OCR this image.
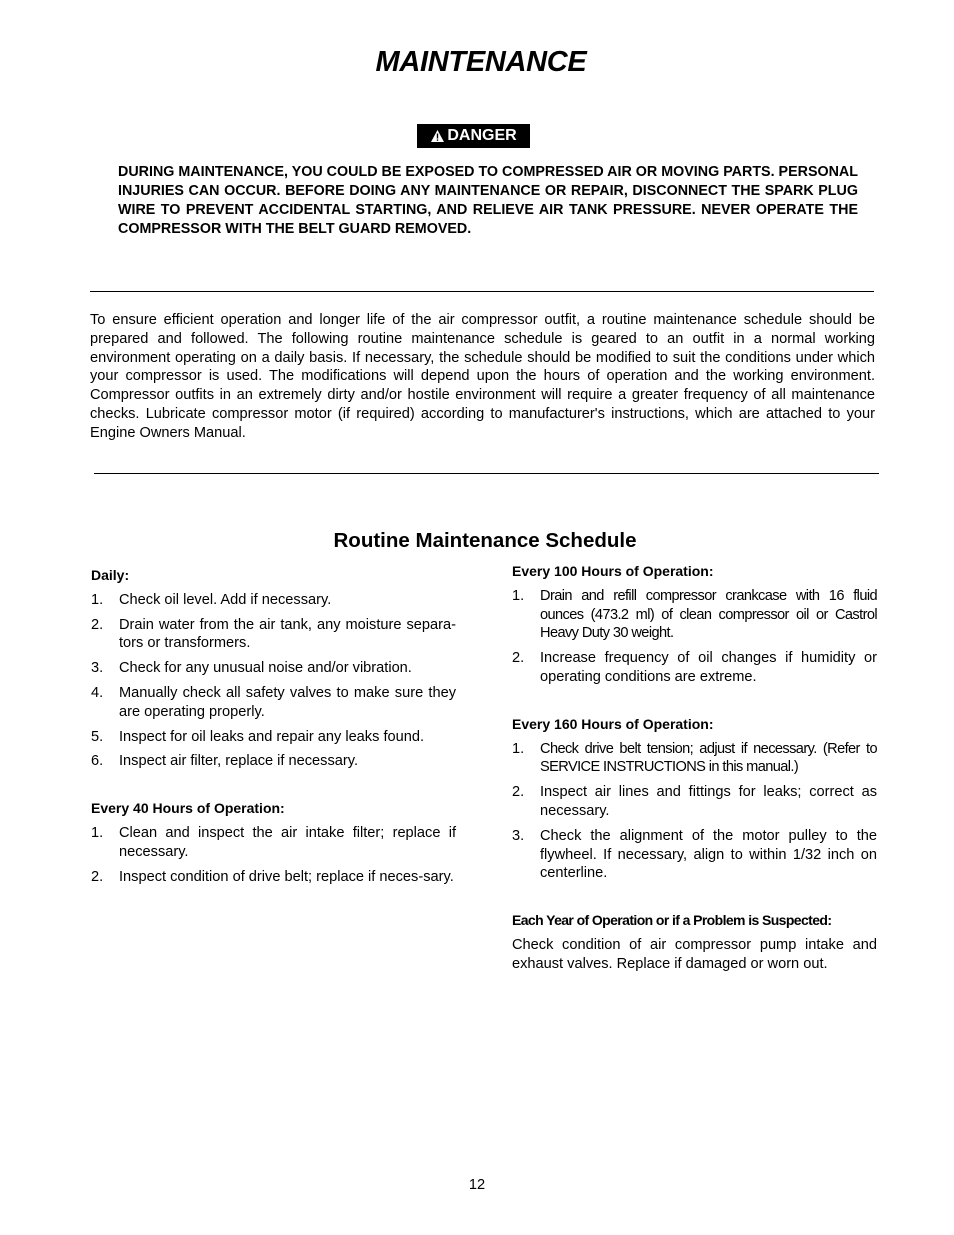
MAINTENANCE
DANGER
DURING MAINTENANCE, YOU COULD BE EXPOSED TO COMPRESSED AIR OR MOVING PARTS. PERSONAL INJURIES CAN OCCUR. BEFORE DOING ANY MAINTENANCE OR REPAIR, DISCONNECT THE SPARK PLUG WIRE TO PREVENT ACCIDENTAL STARTING, AND RELIEVE AIR TANK PRESSURE. NEVER OPERATE THE COMPRESSOR WITH THE BELT GUARD REMOVED.
To ensure efficient operation and longer life of the air compressor outfit, a routine maintenance schedule should be prepared and followed. The following routine maintenance schedule is geared to an outfit in a normal working environment operating on a daily basis. If necessary, the schedule should be modified to suit the conditions under which your compressor is used. The modifications will depend upon the hours of operation and the working environment. Compressor outfits in an extremely dirty and/or hostile environment will require a greater frequency of all maintenance checks. Lubricate compressor motor (if required) according to manufacturer's instructions, which are attached to your Engine Owners Manual.
Routine Maintenance Schedule
Daily:
1. Check oil level. Add if necessary.
2. Drain water from the air tank, any moisture separa-tors or transformers.
3. Check for any unusual noise and/or vibration.
4. Manually check all safety valves to make sure they are operating properly.
5. Inspect for oil leaks and repair any leaks found.
6. Inspect air filter, replace if necessary.
Every 40 Hours of Operation:
1. Clean and inspect the air intake filter; replace if necessary.
2. Inspect condition of drive belt; replace if neces-sary.
Every 100 Hours of Operation:
1. Drain and refill compressor crankcase with 16 fluid ounces (473.2 ml) of clean compressor oil or Castrol Heavy Duty 30 weight.
2. Increase frequency of oil changes if humidity or operating conditions are extreme.
Every 160 Hours of Operation:
1. Check drive belt tension; adjust if necessary. (Refer to SERVICE INSTRUCTIONS in this manual.)
2. Inspect air lines and fittings for leaks; correct as necessary.
3. Check the alignment of the motor pulley to the flywheel. If necessary, align to within 1/32 inch on centerline.
Each Year of Operation or if a Problem is Suspected:
Check condition of air compressor pump intake and exhaust valves. Replace if damaged or worn out.
12
